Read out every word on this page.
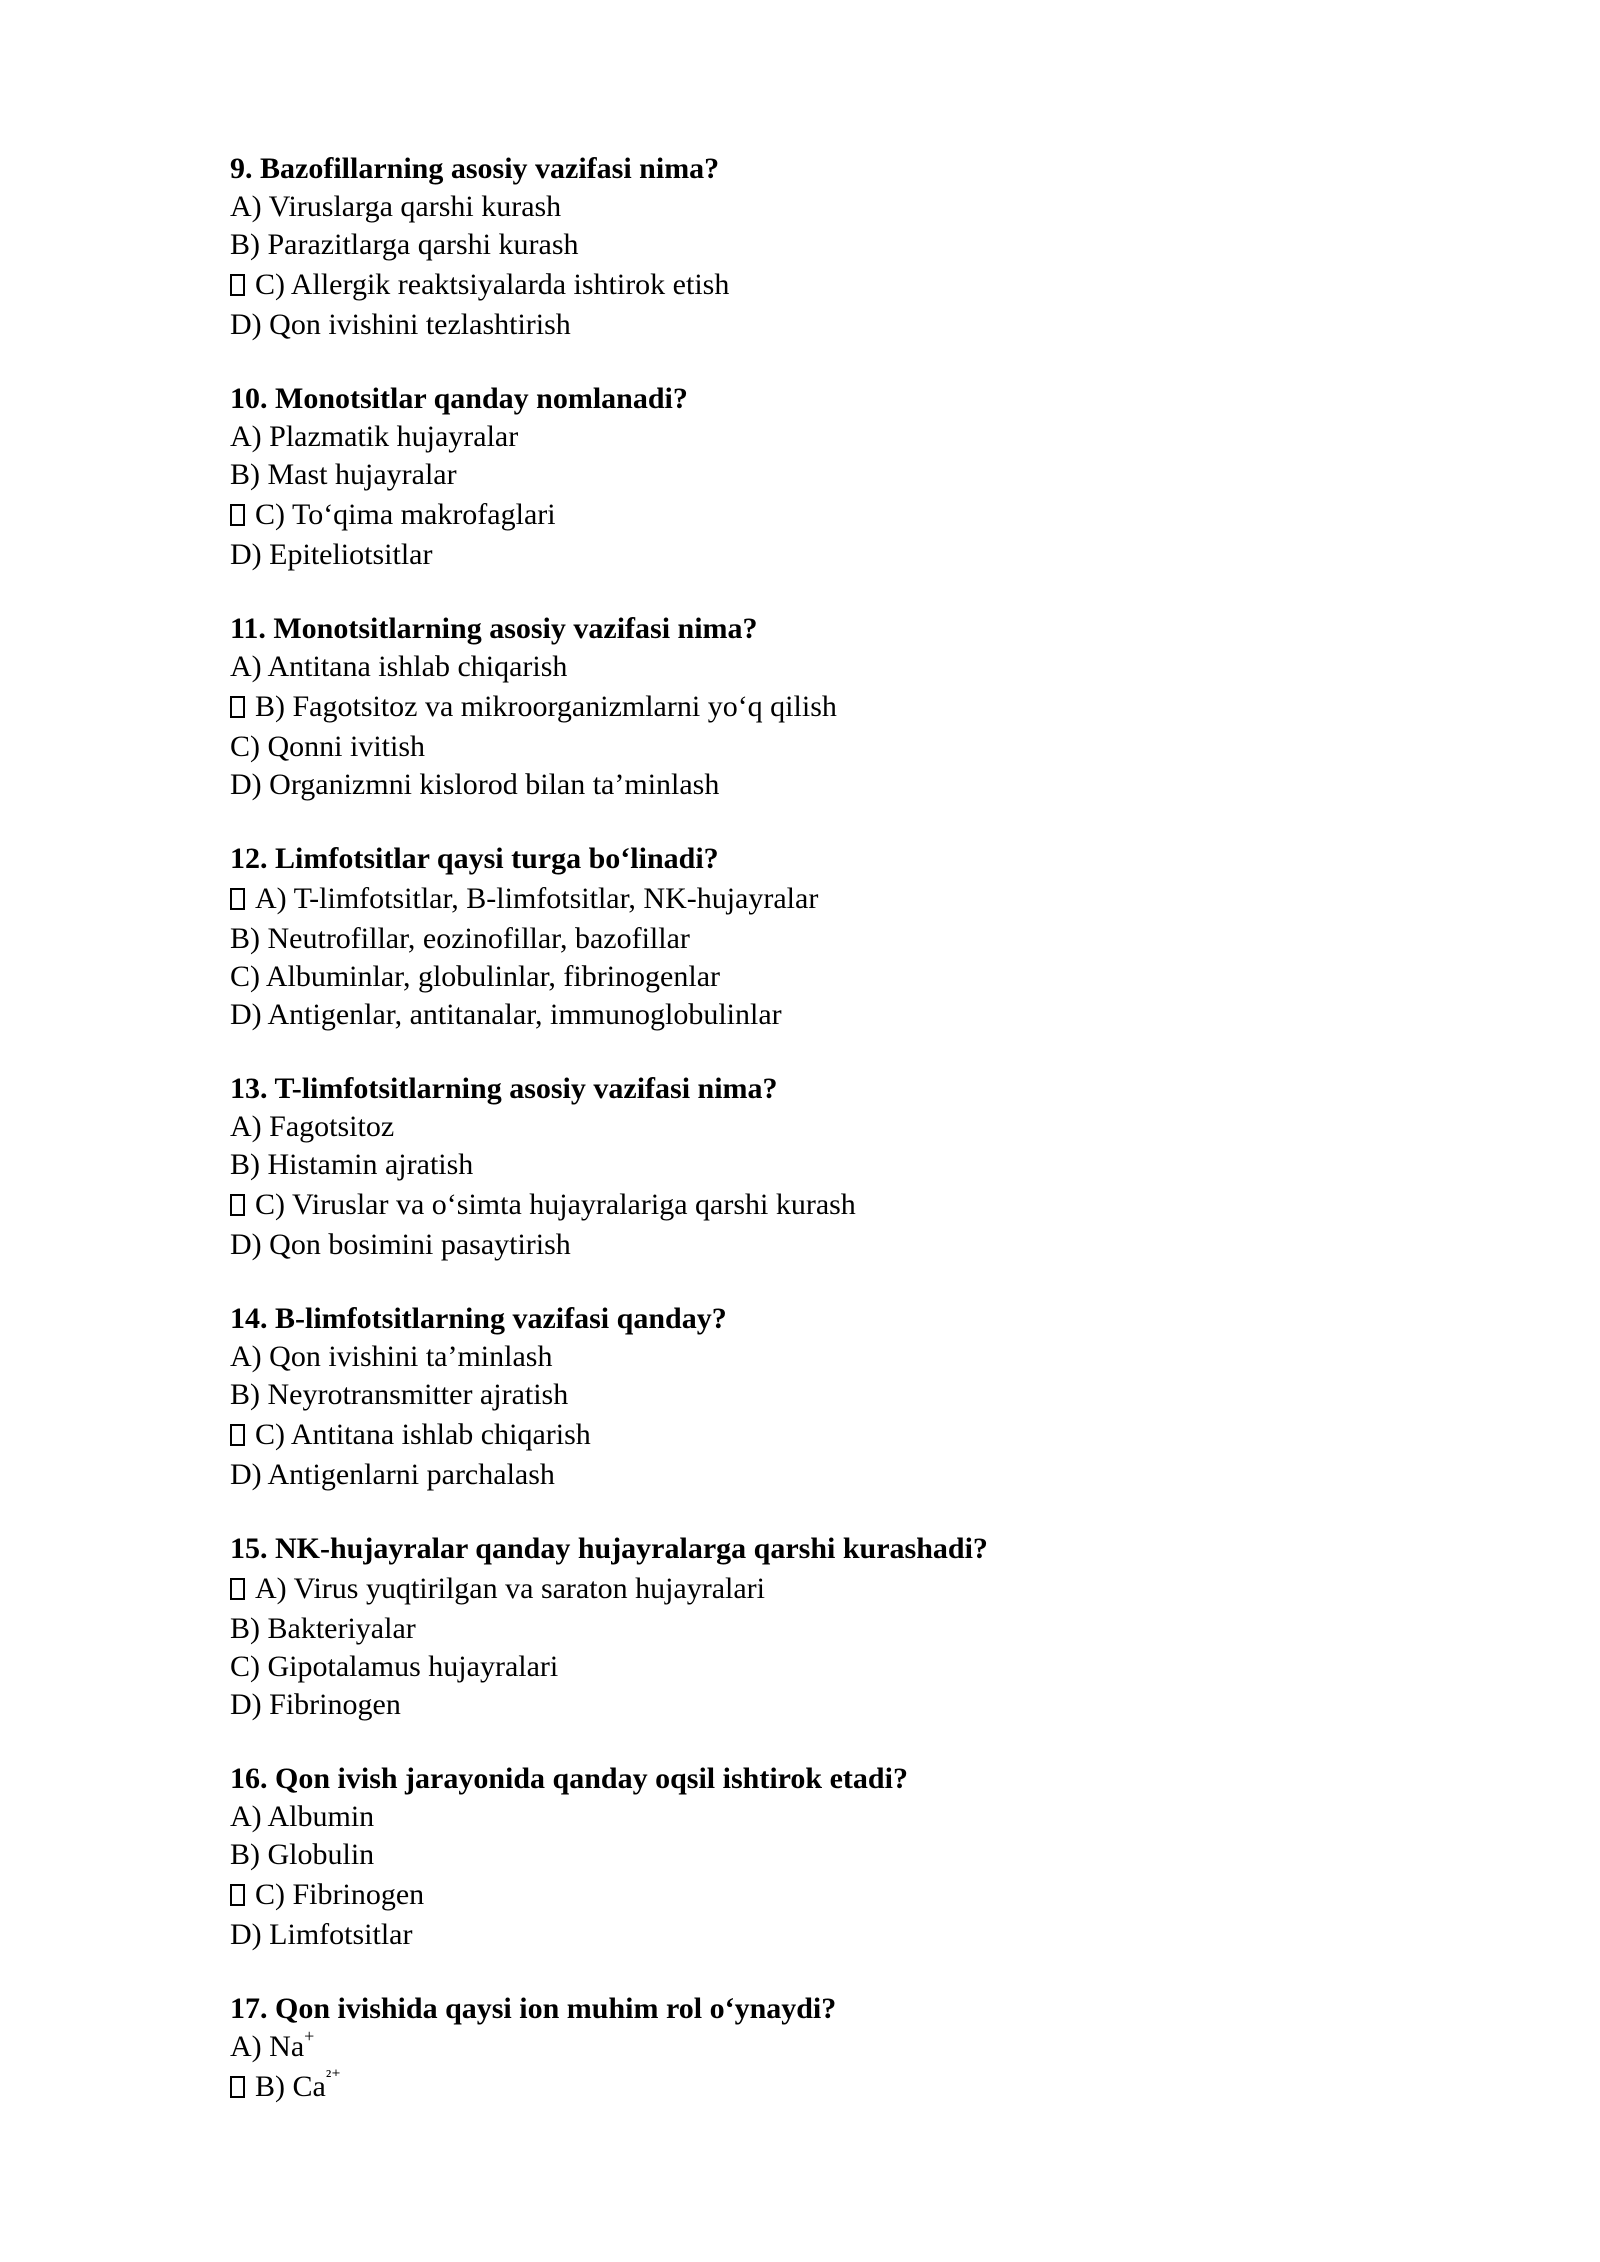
9. Bazofillarning asosiy vazifasi nima?

A) Viruslarga qarshi kurash

B) Parazitlarga qarshi kurash

C) Allergik reaktsiyalarda ishtirok etish

D) Qon ivishini tezlashtirish

10. Monotsitlar qanday nomlanadi?

A) Plazmatik hujayralar

B) Mast hujayralar

C) To‘qima makrofaglari

D) Epiteliotsitlar

11. Monotsitlarning asosiy vazifasi nima?

A) Antitana ishlab chiqarish

B) Fagotsitoz va mikroorganizmlarni yo‘q qilish

C) Qonni ivitish

D) Organizmni kislorod bilan ta’minlash

12. Limfotsitlar qaysi turga bo‘linadi?

A) T-limfotsitlar, B-limfotsitlar, NK-hujayralar

B) Neutrofillar, eozinofillar, bazofillar

C) Albuminlar, globulinlar, fibrinogenlar

D) Antigenlar, antitanalar, immunoglobulinlar

13. T-limfotsitlarning asosiy vazifasi nima?

A) Fagotsitoz

B) Histamin ajratish

C) Viruslar va o‘simta hujayralariga qarshi kurash

D) Qon bosimini pasaytirish

14. B-limfotsitlarning vazifasi qanday?

A) Qon ivishini ta’minlash

B) Neyrotransmitter ajratish

C) Antitana ishlab chiqarish

D) Antigenlarni parchalash

15. NK-hujayralar qanday hujayralarga qarshi kurashadi?

A) Virus yuqtirilgan va saraton hujayralari

B) Bakteriyalar

C) Gipotalamus hujayralari

D) Fibrinogen

16. Qon ivish jarayonida qanday oqsil ishtirok etadi?

A) Albumin

B) Globulin

C) Fibrinogen

D) Limfotsitlar

17. Qon ivishida qaysi ion muhim rol o‘ynaydi?

A) Na+

B) $Ca^{^{2+}}$
